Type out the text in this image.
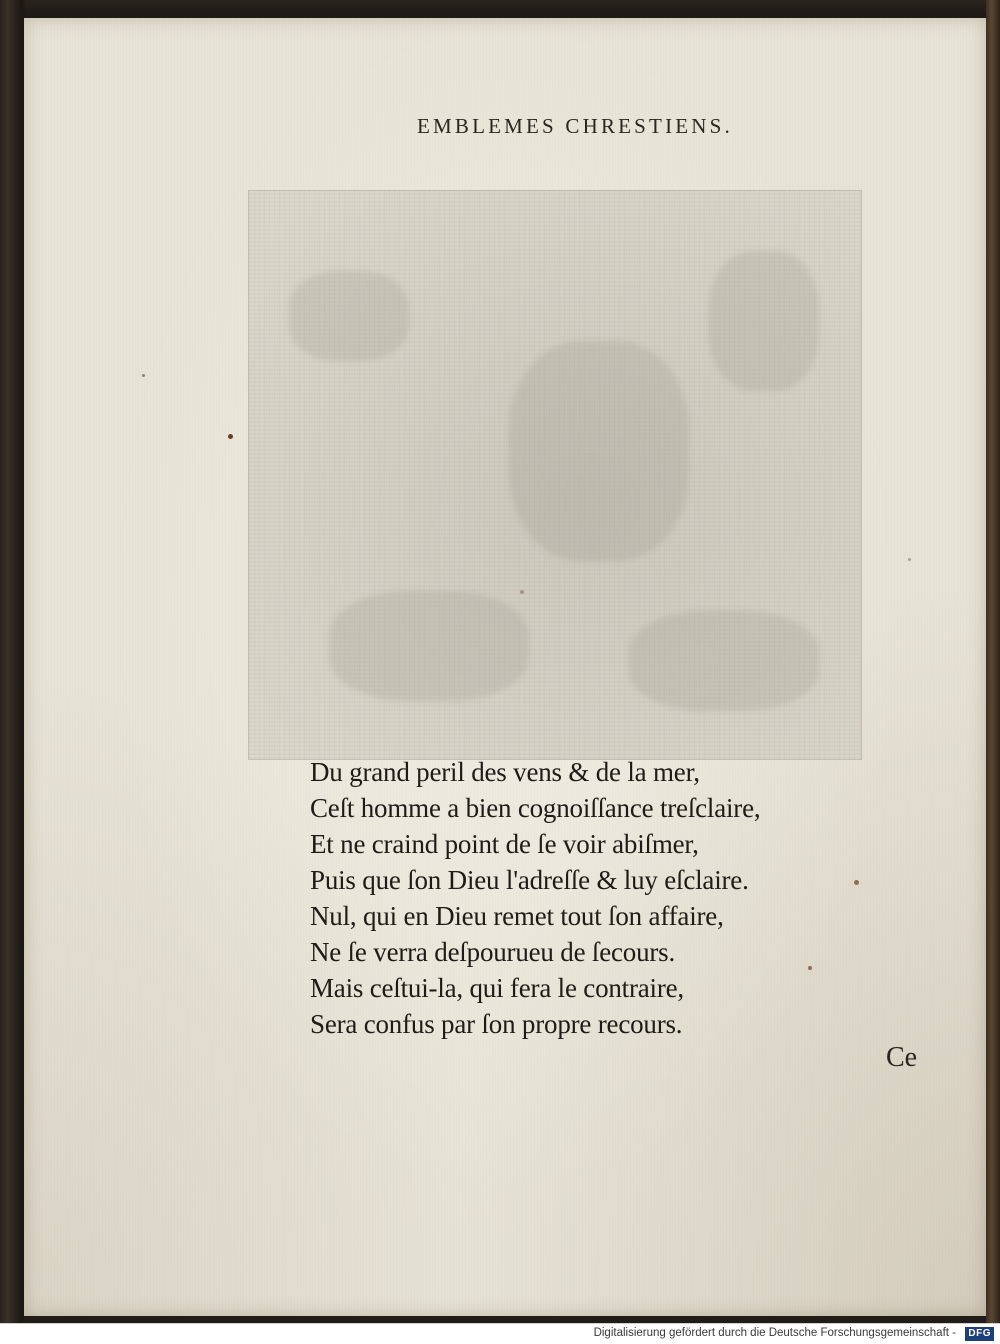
EMBLEMES CHRESTIENS.
Du grand peril des vens & de la mer,
Ceſt homme a bien cognoiſſance treſclaire,
Et ne craind point de ſe voir abiſmer,
Puis que ſon Dieu l'adreſſe & luy eſclaire.
Nul, qui en Dieu remet tout ſon affaire,
Ne ſe verra deſpourueu de ſecours.
Mais ceſtui-la, qui fera le contraire,
Sera confus par ſon propre recours.
Ce
Digitalisierung gefördert durch die Deutsche Forschungsgemeinschaft -	DFG
